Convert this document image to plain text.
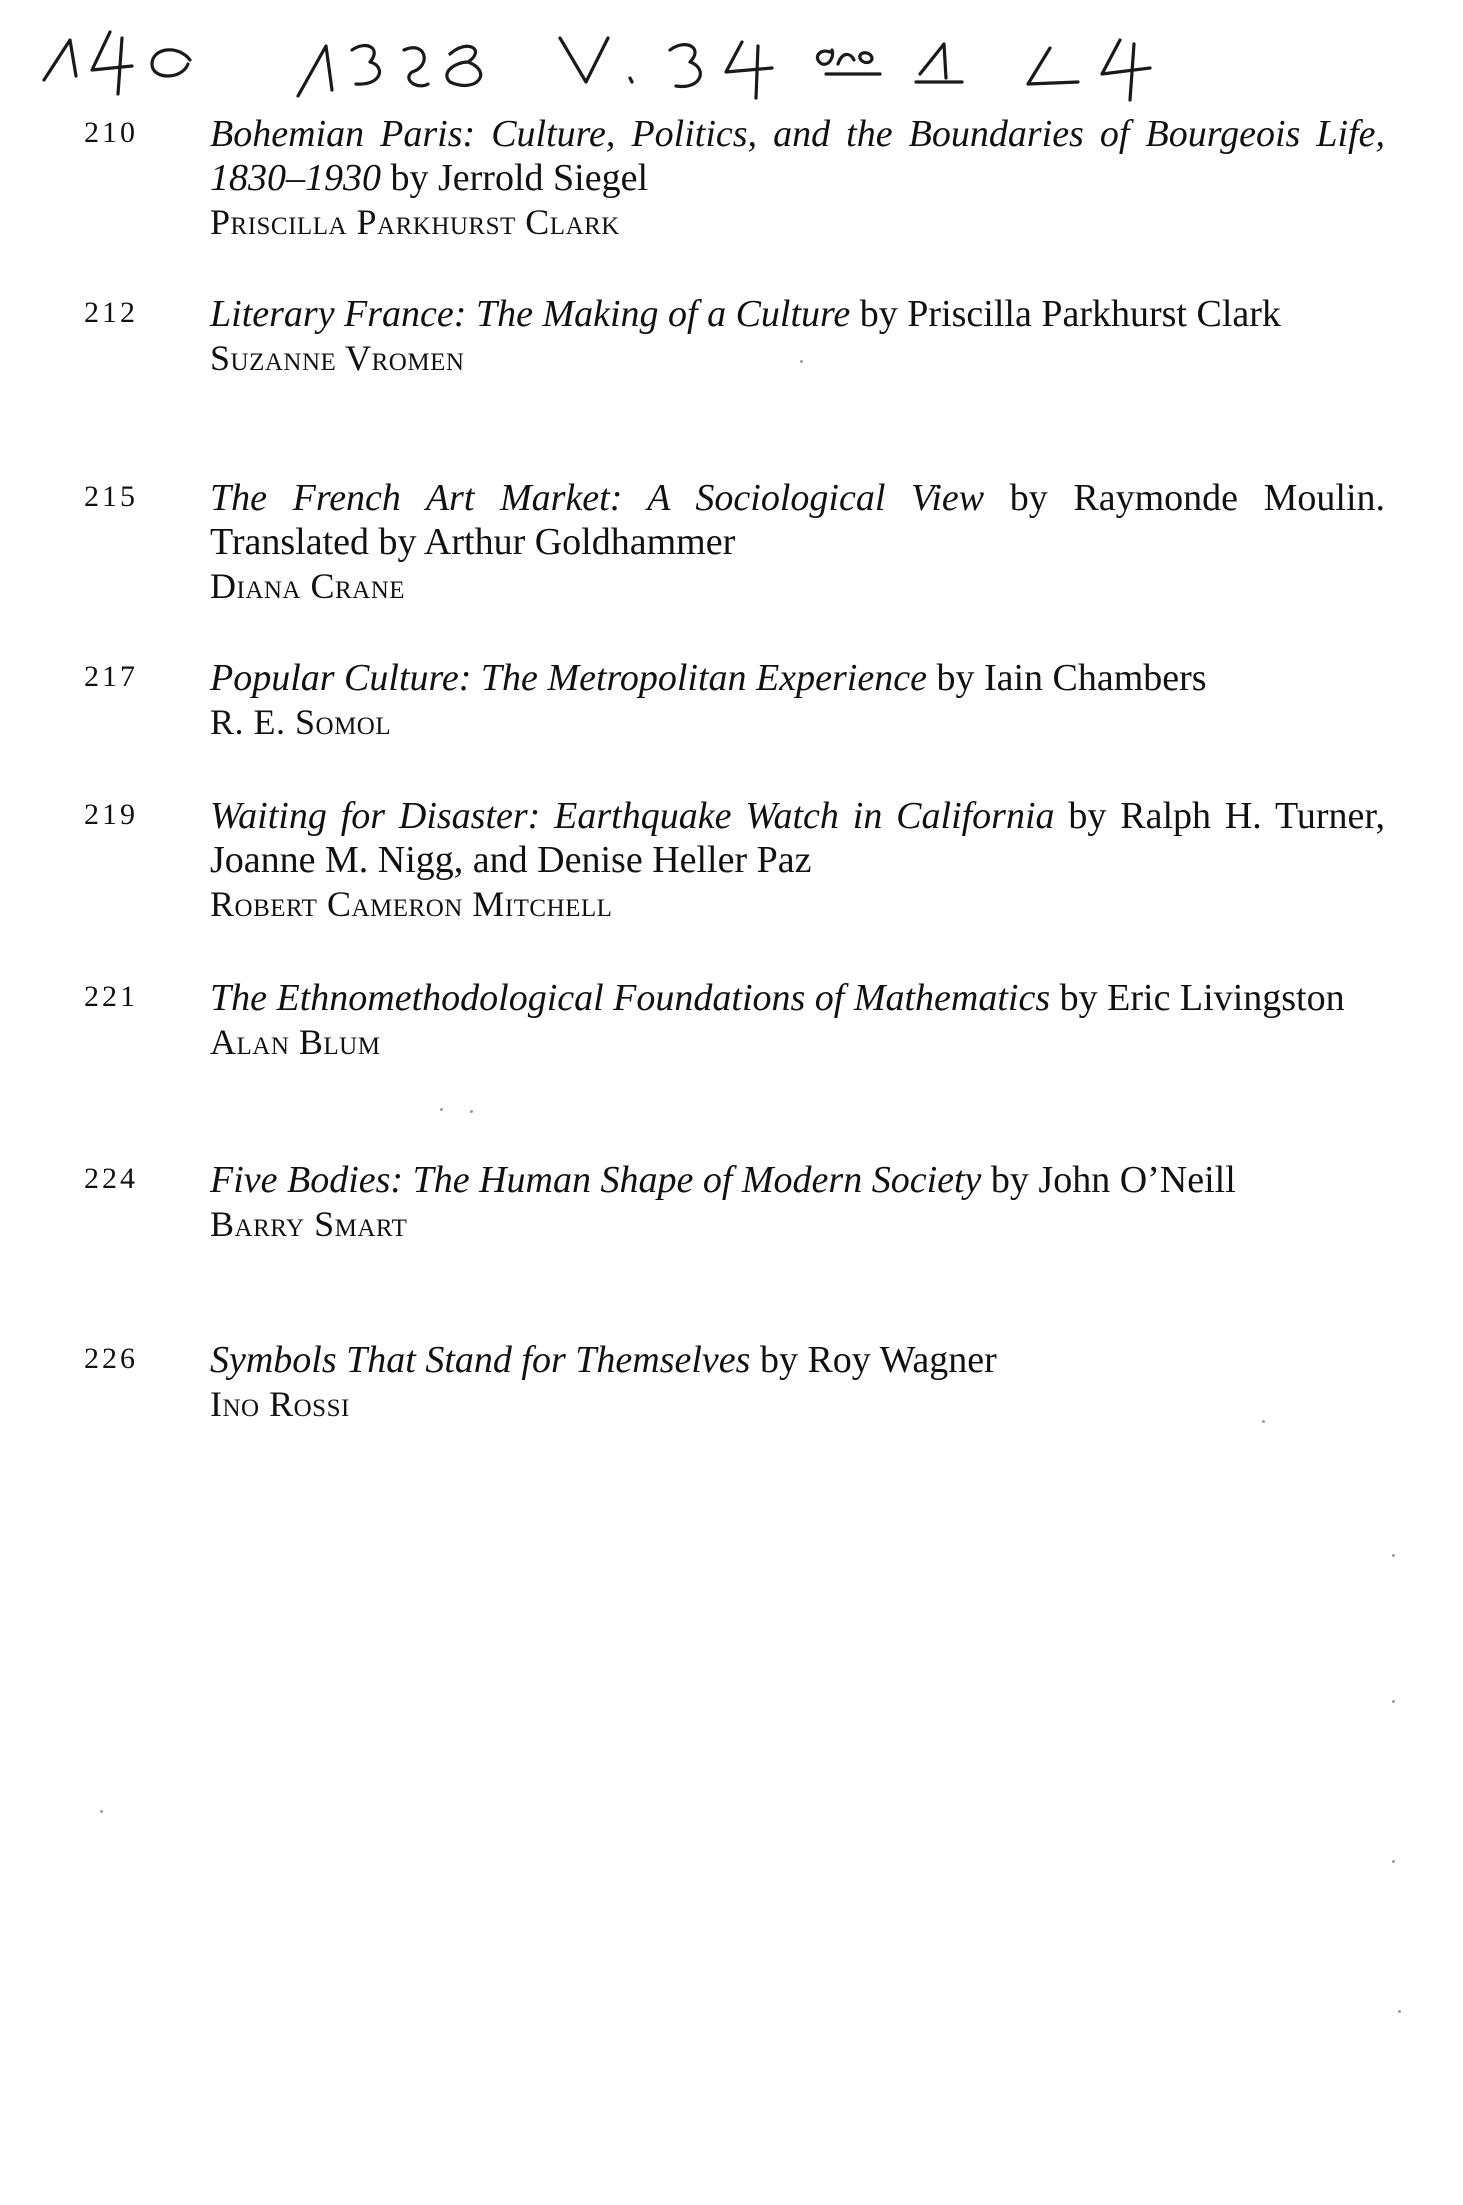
210	Bohemian Paris: Culture, Politics, and the Boundaries of Bourgeois Life, 1830–1930 by Jerrold Siegel
Priscilla Parkhurst Clark
212	Literary France: The Making of a Culture by Priscilla Parkhurst Clark
Suzanne Vromen
215	The French Art Market: A Sociological View by Raymonde Moulin. Translated by Arthur Goldhammer
Diana Crane
217	Popular Culture: The Metropolitan Experience by Iain Chambers
R. E. Somol
219	Waiting for Disaster: Earthquake Watch in California by Ralph H. Turner, Joanne M. Nigg, and Denise Heller Paz
Robert Cameron Mitchell
221	The Ethnomethodological Foundations of Mathematics by Eric Livingston
Alan Blum
224	Five Bodies: The Human Shape of Modern Society by John O’Neill
Barry Smart
226	Symbols That Stand for Themselves by Roy Wagner
Ino Rossi
